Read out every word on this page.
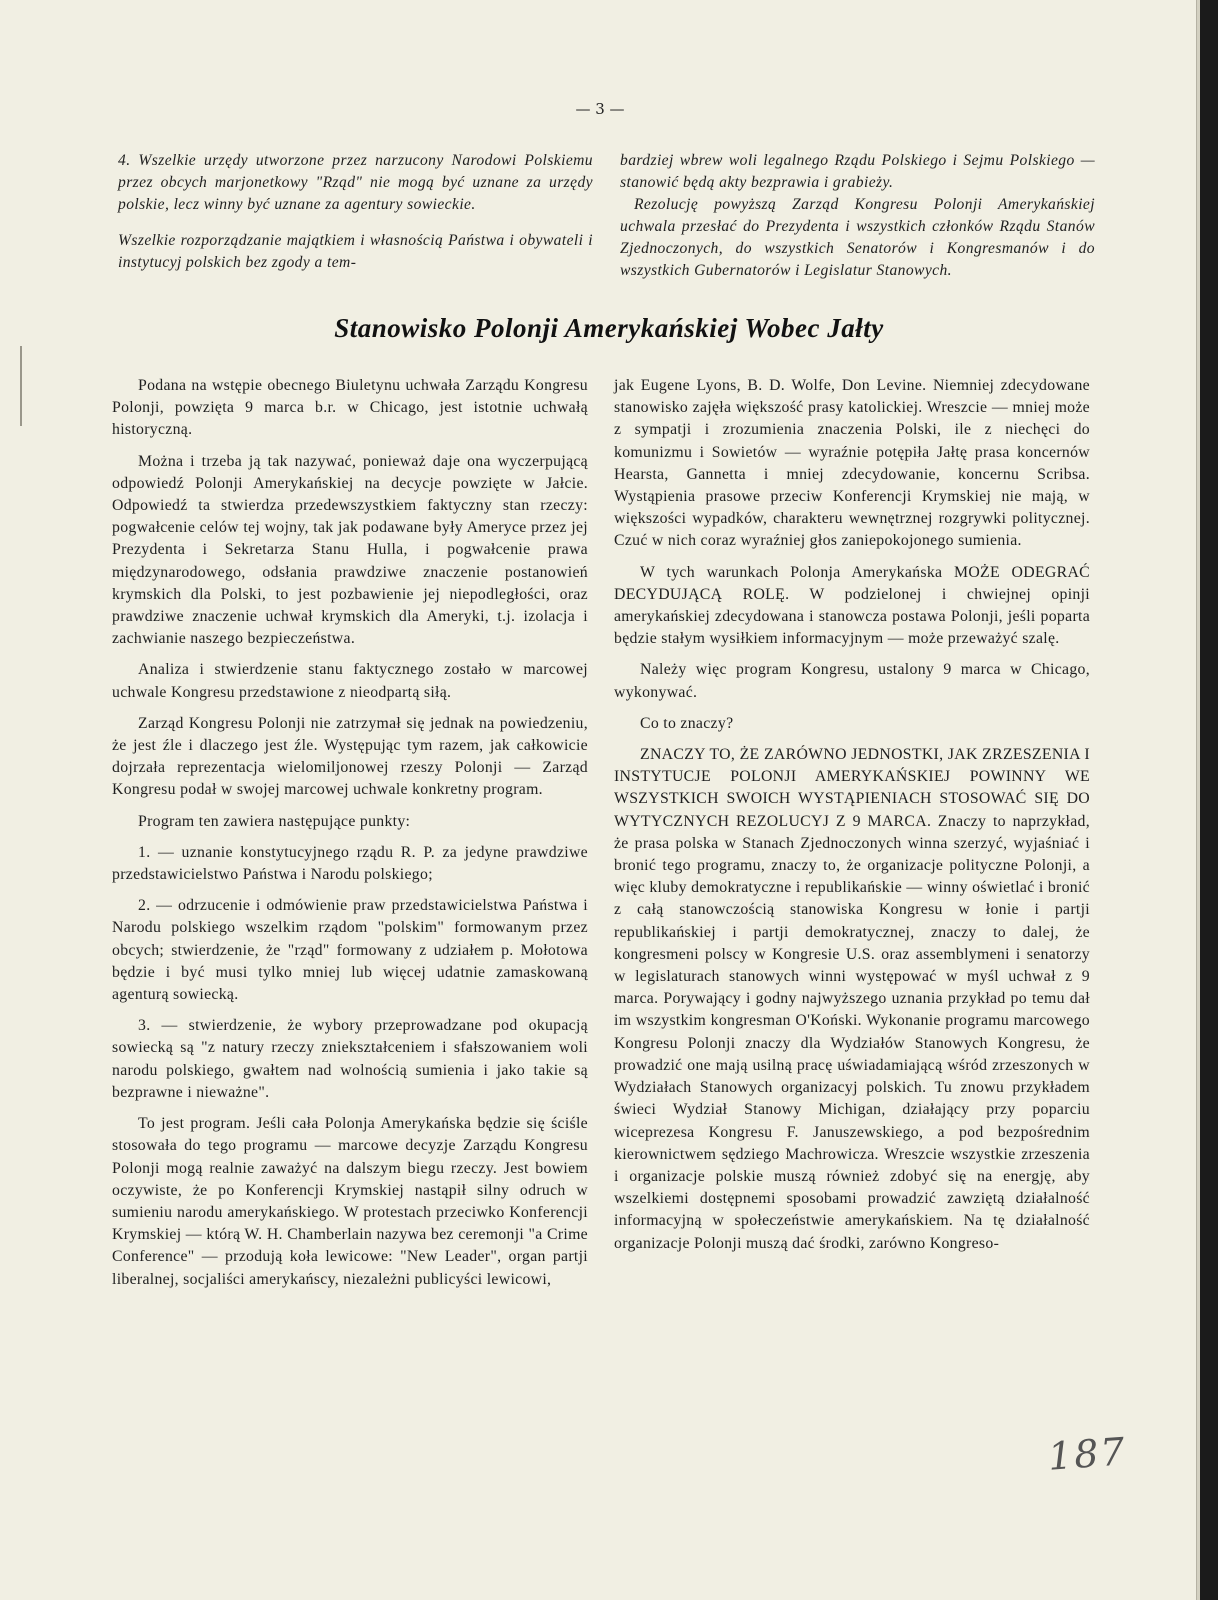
— 3 —

4. Wszelkie urzędy utworzone przez narzucony Narodowi Polskiemu przez obcych marjonetkowy "Rząd" nie mogą być uznane za urzędy polskie, lecz winny być uznane za agentury sowieckie.

Wszelkie rozporządzanie majątkiem i własnością Państwa i obywateli i instytucyj polskich bez zgody a tem-

bardziej wbrew woli legalnego Rządu Polskiego i Sejmu Polskiego — stanowić będą akty bezprawia i grabieży.

Rezolucję powyższą Zarząd Kongresu Polonji Amerykańskiej uchwala przesłać do Prezydenta i wszystkich członków Rządu Stanów Zjednoczonych, do wszystkich Senatorów i Kongresmanów i do wszystkich Gubernatorów i Legislatur Stanowych.

Stanowisko Polonji Amerykańskiej Wobec Jałty

Podana na wstępie obecnego Biuletynu uchwała Zarządu Kongresu Polonji, powzięta 9 marca b.r. w Chicago, jest istotnie uchwałą historyczną.

Można i trzeba ją tak nazywać, ponieważ daje ona wyczerpującą odpowiedź Polonji Amerykańskiej na decycje powzięte w Jałcie. Odpowiedź ta stwierdza przedewszystkiem faktyczny stan rzeczy: pogwałcenie celów tej wojny, tak jak podawane były Ameryce przez jej Prezydenta i Sekretarza Stanu Hulla, i pogwałcenie prawa międzynarodowego, odsłania prawdziwe znaczenie postanowień krymskich dla Polski, to jest pozbawienie jej niepodległości, oraz prawdziwe znaczenie uchwał krymskich dla Ameryki, t.j. izolacja i zachwianie naszego bezpieczeństwa.

Analiza i stwierdzenie stanu faktycznego zostało w marcowej uchwale Kongresu przedstawione z nieodpartą siłą.

Zarząd Kongresu Polonji nie zatrzymał się jednak na powiedzeniu, że jest źle i dlaczego jest źle. Występując tym razem, jak całkowicie dojrzała reprezentacja wielomiljonowej rzeszy Polonji — Zarząd Kongresu podał w swojej marcowej uchwale konkretny program.

Program ten zawiera następujące punkty:

1. — uznanie konstytucyjnego rządu R. P. za jedyne prawdziwe przedstawicielstwo Państwa i Narodu polskiego;

2. — odrzucenie i odmówienie praw przedstawicielstwa Państwa i Narodu polskiego wszelkim rządom "polskim" formowanym przez obcych; stwierdzenie, że "rząd" formowany z udziałem p. Mołotowa będzie i być musi tylko mniej lub więcej udatnie zamaskowaną agenturą sowiecką.

3. — stwierdzenie, że wybory przeprowadzane pod okupacją sowiecką są "z natury rzeczy zniekształceniem i sfałszowaniem woli narodu polskiego, gwałtem nad wolnością sumienia i jako takie są bezprawne i nieważne".

To jest program. Jeśli cała Polonja Amerykańska będzie się ściśle stosowała do tego programu — marcowe decyzje Zarządu Kongresu Polonji mogą realnie zaważyć na dalszym biegu rzeczy. Jest bowiem oczywiste, że po Konferencji Krymskiej nastąpił silny odruch w sumieniu narodu amerykańskiego. W protestach przeciwko Konferencji Krymskiej — którą W. H. Chamberlain nazywa bez ceremonji "a Crime Conference" — przodują koła lewicowe: "New Leader", organ partji liberalnej, socjaliści amerykańscy, niezależni publicyści lewicowi,

jak Eugene Lyons, B. D. Wolfe, Don Levine. Niemniej zdecydowane stanowisko zajęła większość prasy katolickiej. Wreszcie — mniej może z sympatji i zrozumienia znaczenia Polski, ile z niechęci do komunizmu i Sowietów — wyraźnie potępiła Jałtę prasa koncernów Hearsta, Gannetta i mniej zdecydowanie, koncernu Scribsa. Wystąpienia prasowe przeciw Konferencji Krymskiej nie mają, w większości wypadków, charakteru wewnętrznej rozgrywki politycznej. Czuć w nich coraz wyraźniej głos zaniepokojonego sumienia.

W tych warunkach Polonja Amerykańska MOŻE ODEGRAĆ DECYDUJĄCĄ ROLĘ. W podzielonej i chwiejnej opinji amerykańskiej zdecydowana i stanowcza postawa Polonji, jeśli poparta będzie stałym wysiłkiem informacyjnym — może przeważyć szalę.

Należy więc program Kongresu, ustalony 9 marca w Chicago, wykonywać.

Co to znaczy?

ZNACZY TO, ŻE ZARÓWNO JEDNOSTKI, JAK ZRZESZENIA I INSTYTUCJE POLONJI AMERYKAŃSKIEJ POWINNY WE WSZYSTKICH SWOICH WYSTĄPIENIACH STOSOWAĆ SIĘ DO WYTYCZNYCH REZOLUCYJ Z 9 MARCA. Znaczy to naprzykład, że prasa polska w Stanach Zjednoczonych winna szerzyć, wyjaśniać i bronić tego programu, znaczy to, że organizacje polityczne Polonji, a więc kluby demokratyczne i republikańskie — winny oświetlać i bronić z całą stanowczością stanowiska Kongresu w łonie i partji republikańskiej i partji demokratycznej, znaczy to dalej, że kongresmeni polscy w Kongresie U.S. oraz assemblymeni i senatorzy w legislaturach stanowych winni występować w myśl uchwał z 9 marca. Porywający i godny najwyższego uznania przykład po temu dał im wszystkim kongresman O'Koński. Wykonanie programu marcowego Kongresu Polonji znaczy dla Wydziałów Stanowych Kongresu, że prowadzić one mają usilną pracę uświadamiającą wśród zrzeszonych w Wydziałach Stanowych organizacyj polskich. Tu znowu przykładem świeci Wydział Stanowy Michigan, działający przy poparciu wiceprezesa Kongresu F. Januszewskiego, a pod bezpośrednim kierownictwem sędziego Machrowicza. Wreszcie wszystkie zrzeszenia i organizacje polskie muszą również zdobyć się na energję, aby wszelkiemi dostępnemi sposobami prowadzić zawziętą działalność informacyjną w społeczeństwie amerykańskiem. Na tę działalność organizacje Polonji muszą dać środki, zarówno Kongreso-

187
